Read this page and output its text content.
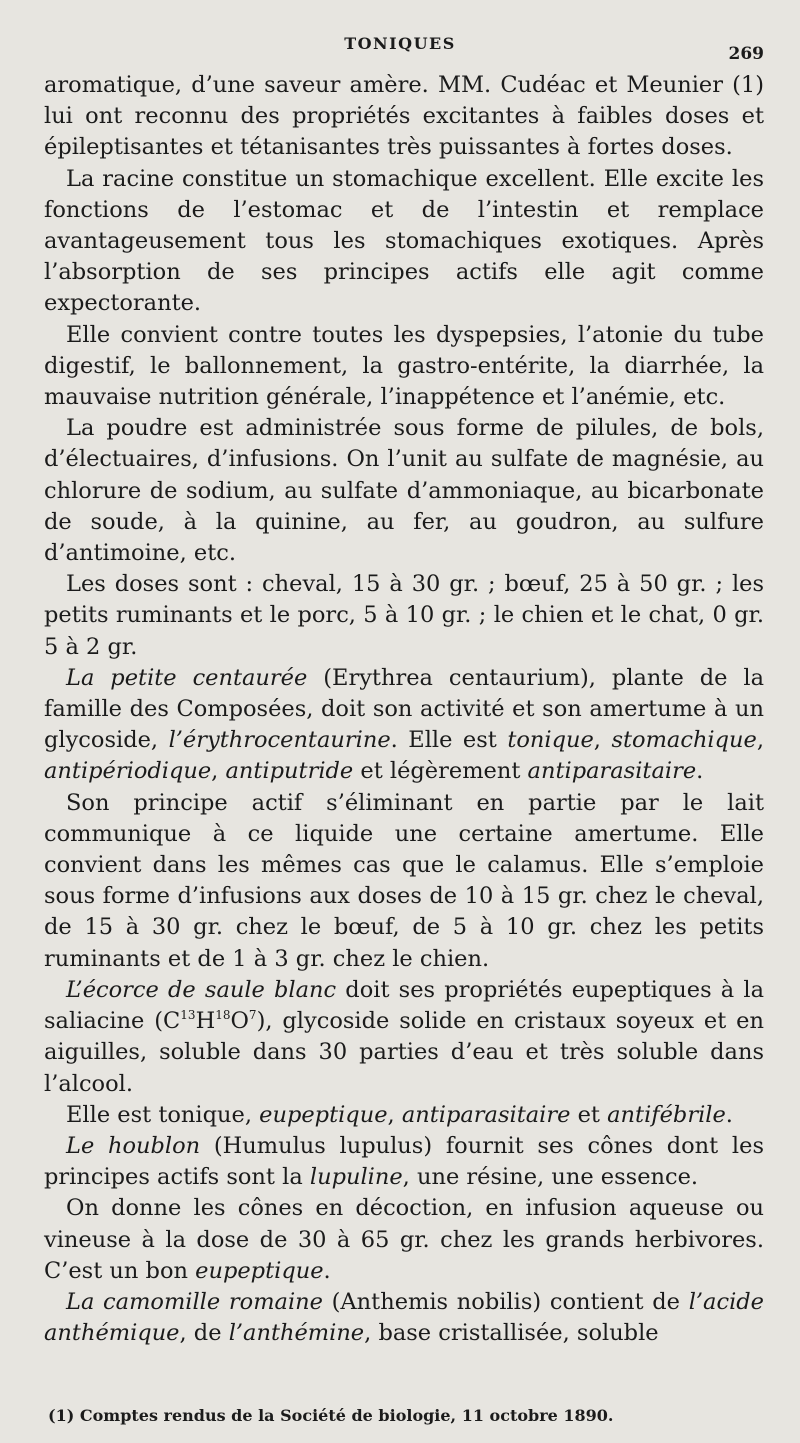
TONIQUES
269

aromatique, d’une saveur amère. MM. Cudéac et Meunier (1) lui ont reconnu des propriétés excitantes à faibles doses et épileptisantes et tétanisantes très puissantes à fortes doses.

La racine constitue un stomachique excellent. Elle excite les fonctions de l’estomac et de l’intestin et remplace avantageusement tous les stomachiques exotiques. Après l’absorption de ses principes actifs elle agit comme expectorante.

Elle convient contre toutes les dyspepsies, l’atonie du tube digestif, le ballonnement, la gastro-entérite, la diarrhée, la mauvaise nutrition générale, l’inappétence et l’anémie, etc.

La poudre est administrée sous forme de pilules, de bols, d’électuaires, d’infusions. On l’unit au sulfate de magnésie, au chlorure de sodium, au sulfate d’ammoniaque, au bicarbonate de soude, à la quinine, au fer, au goudron, au sulfure d’antimoine, etc.

Les doses sont : cheval, 15 à 30 gr. ; bœuf, 25 à 50 gr. ; les petits ruminants et le porc, 5 à 10 gr. ; le chien et le chat, 0 gr. 5 à 2 gr.

La petite centaurée (Erythrea centaurium), plante de la famille des Composées, doit son activité et son amertume à un glycoside, l’érythrocentaurine. Elle est tonique, stomachique, antipériodique, antiputride et légèrement antiparasitaire.

Son principe actif s’éliminant en partie par le lait communique à ce liquide une certaine amertume. Elle convient dans les mêmes cas que le calamus. Elle s’emploie sous forme d’infusions aux doses de 10 à 15 gr. chez le cheval, de 15 à 30 gr. chez le bœuf, de 5 à 10 gr. chez les petits ruminants et de 1 à 3 gr. chez le chien.

L’écorce de saule blanc doit ses propriétés eupeptiques à la saliacine $(C^{13}H^{18}O^7)$, glycoside solide en cristaux soyeux et en aiguilles, soluble dans 30 parties d’eau et très soluble dans l’alcool.

Elle est tonique, eupeptique, antiparasitaire et antifébrile.

Le houblon (Humulus lupulus) fournit ses cônes dont les principes actifs sont la lupuline, une résine, une essence.

On donne les cônes en décoction, en infusion aqueuse ou vineuse à la dose de 30 à 65 gr. chez les grands herbivores. C’est un bon eupeptique.

La camomille romaine (Anthemis nobilis) contient de l’acide anthémique, de l’anthémine, base cristallisée, soluble

(1) Comptes rendus de la Société de biologie, 11 octobre 1890.
